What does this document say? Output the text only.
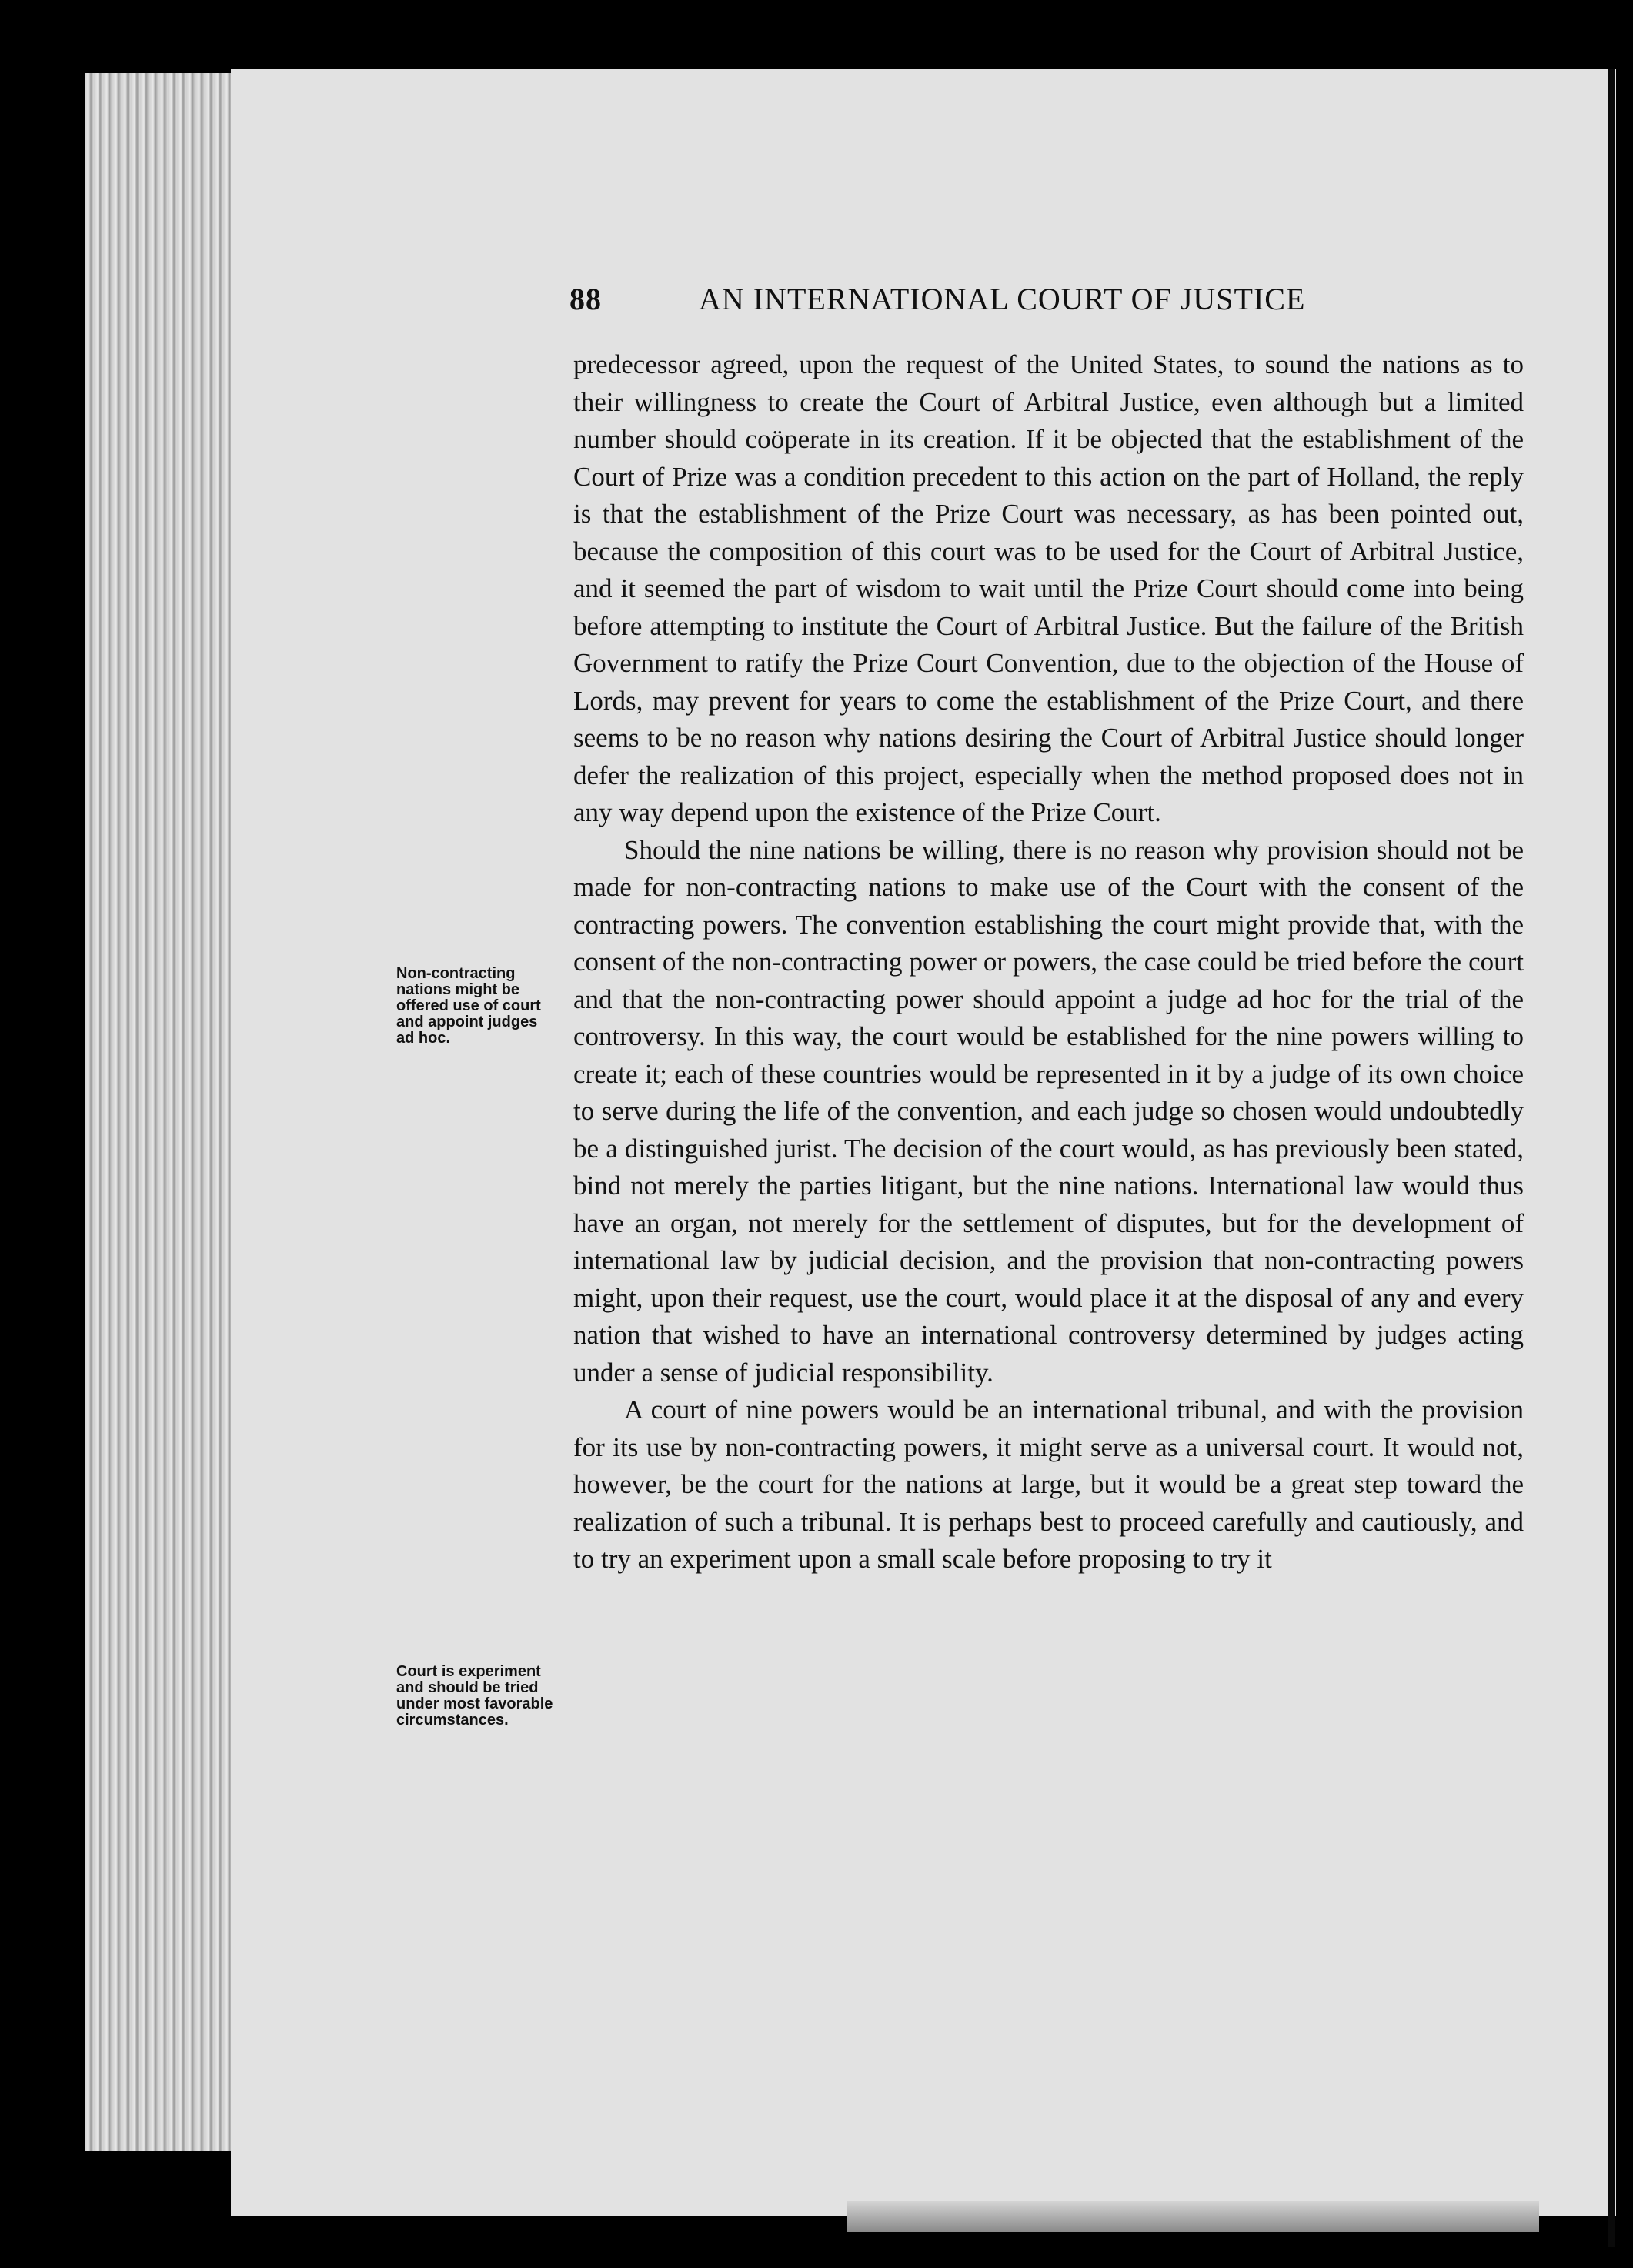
88	AN INTERNATIONAL COURT OF JUSTICE
Non-contracting nations might be offered use of court and appoint judges ad hoc.
Court is experiment and should be tried under most favorable circumstances.

predecessor agreed, upon the request of the United States, to sound the nations as to their willingness to create the Court of Arbitral Justice, even although but a limited number should coöperate in its creation. If it be objected that the establishment of the Court of Prize was a condition precedent to this action on the part of Holland, the reply is that the establishment of the Prize Court was necessary, as has been pointed out, because the composition of this court was to be used for the Court of Arbitral Justice, and it seemed the part of wisdom to wait until the Prize Court should come into being before attempting to institute the Court of Arbitral Justice. But the failure of the British Government to ratify the Prize Court Convention, due to the objection of the House of Lords, may prevent for years to come the establishment of the Prize Court, and there seems to be no reason why nations desiring the Court of Arbitral Justice should longer defer the realization of this project, especially when the method proposed does not in any way depend upon the existence of the Prize Court.

Should the nine nations be willing, there is no reason why provision should not be made for non-contracting nations to make use of the Court with the consent of the contracting powers. The convention establishing the court might provide that, with the consent of the non-contracting power or powers, the case could be tried before the court and that the non-contracting power should appoint a judge ad hoc for the trial of the controversy. In this way, the court would be established for the nine powers willing to create it; each of these countries would be represented in it by a judge of its own choice to serve during the life of the convention, and each judge so chosen would undoubtedly be a distinguished jurist. The decision of the court would, as has previously been stated, bind not merely the parties litigant, but the nine nations. International law would thus have an organ, not merely for the settlement of disputes, but for the development of international law by judicial decision, and the provision that non-contracting powers might, upon their request, use the court, would place it at the disposal of any and every nation that wished to have an international controversy determined by judges acting under a sense of judicial responsibility.

A court of nine powers would be an international tribunal, and with the provision for its use by non-contracting powers, it might serve as a universal court. It would not, however, be the court for the nations at large, but it would be a great step toward the realization of such a tribunal. It is perhaps best to proceed carefully and cautiously, and to try an experiment upon a small scale before proposing to try it
